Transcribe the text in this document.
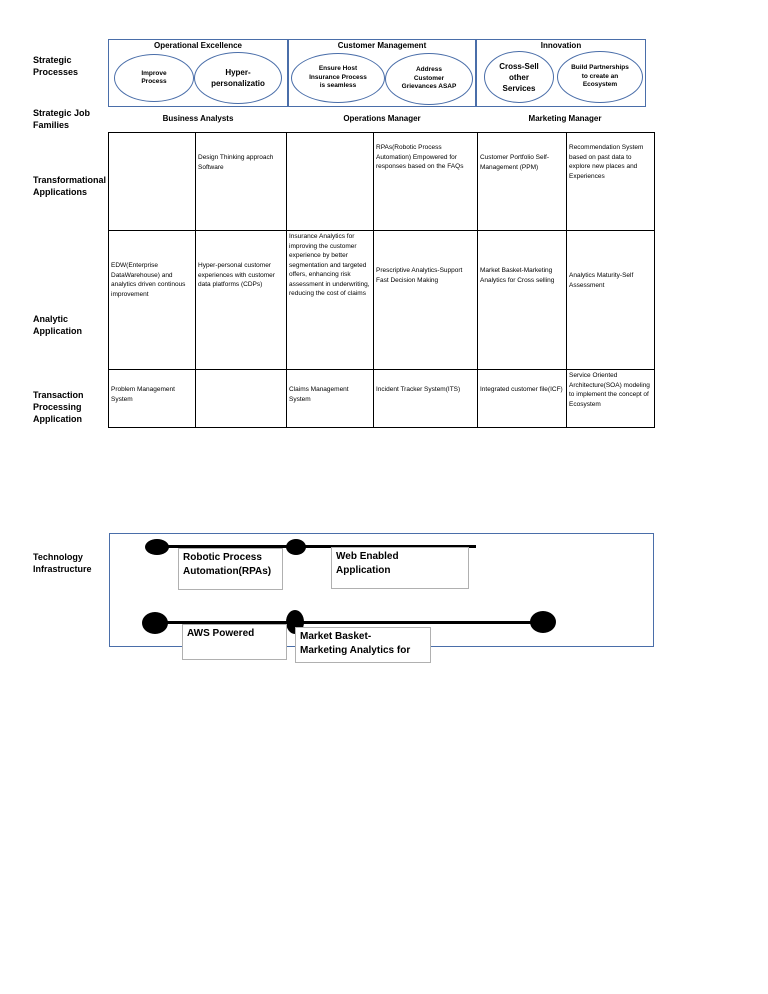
Strategic
Processes
Strategic Job
Families
Transformational
Applications
Analytic
Application
Transaction
Processing
Application
Technology
Infrastructure
Operational Excellence
Improve
Process
Hyper-
personalizatio
Customer Management
Ensure Host
Insurance Process
is seamless
Address
Customer
Grievances ASAP
Innovation
Cross-Sell
other
Services
Build Partnerships
to create an
Ecosystem
Business Analysts	Operations Manager	Marketing Manager
	Design Thinking approach Software		RPAs(Robotic Process Automation) Empowered for responses based on the FAQs	Customer Portfolio Self-Management (PPM)	Recommendation System based on past data to explore new places and Experiences
EDW(Enterprise DataWarehouse) and analytics driven continous improvement	Hyper-personal customer experiences with customer data platforms (CDPs)	Insurance Analytics for improving the customer experience by better segmentation and targeted offers, enhancing risk assessment in underwriting, reducing the cost of claims	Prescriptive Analytics-Support Fast Decision Making	Market Basket-Marketing Analytics for Cross selling	Analytics Maturity-Self Assessment
Problem Management System		Claims Management System	Incident Tracker System(ITS)	Integrated customer file(ICF)	Service Oriented Architecture(SOA) modeling to implement the concept of Ecosystem
Robotic Process
Automation(RPAs)
Web Enabled
Application
AWS Powered	Market Basket-
Marketing Analytics for
